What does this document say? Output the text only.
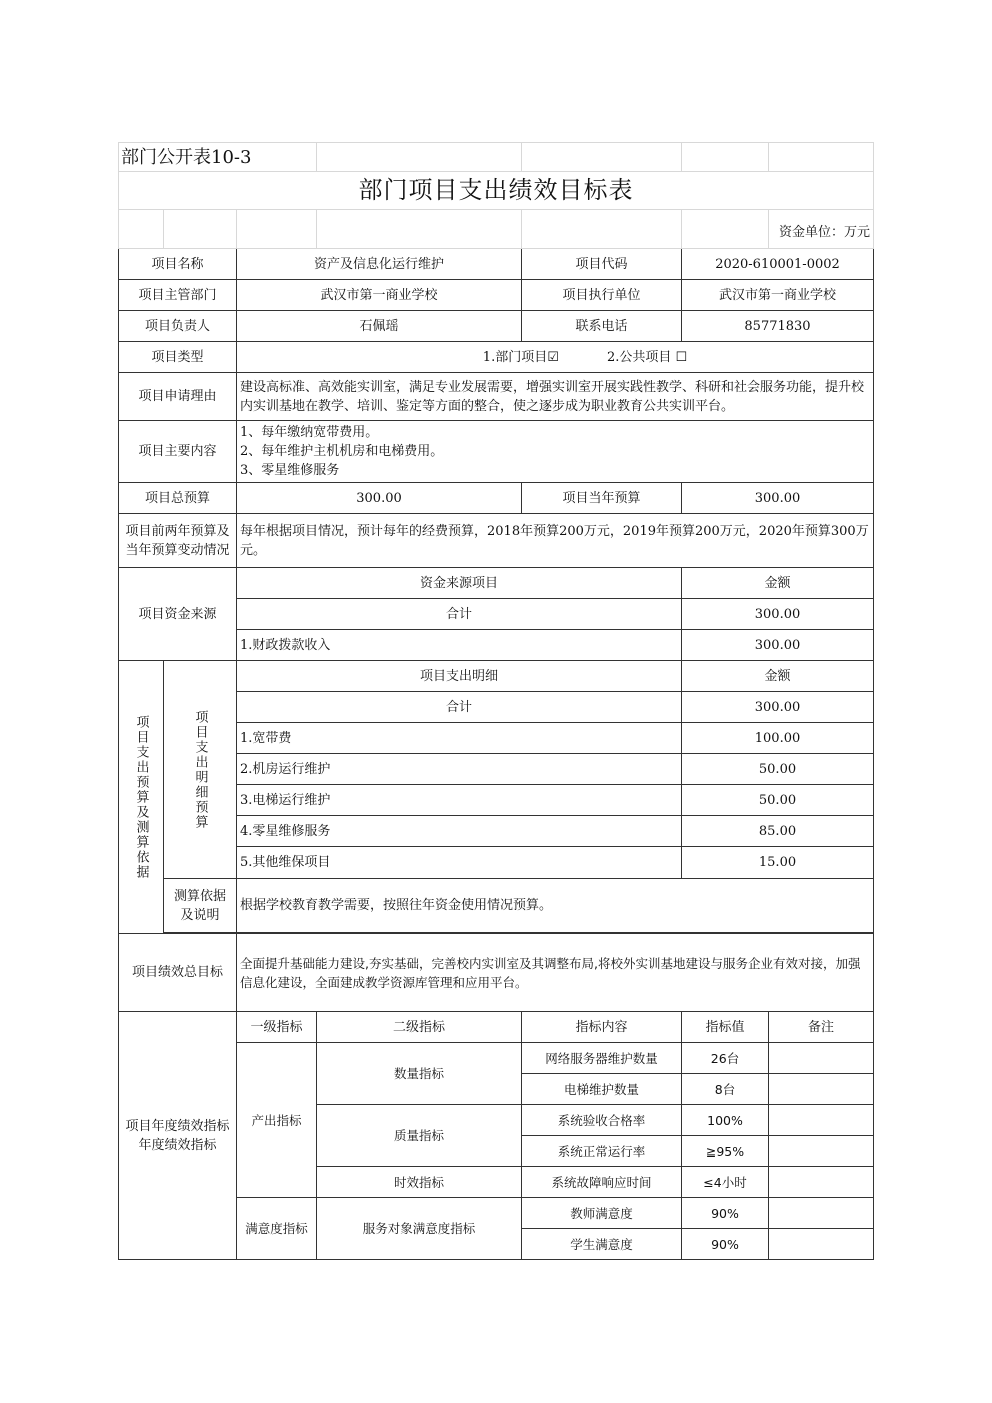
部门公开表10-3						
部门项目支出绩效目标表						
						资金单位：万元
项目名称		资产及信息化运行维护		项目代码	2020-610001-0002	
项目主管部门		武汉市第一商业学校		项目执行单位	武汉市第一商业学校	
项目负责人		石佩瑶		联系电话	85771830	
项目类型		1.部门项目☑ 2.公共项目 ☐				
项目申请理由		建设高标准、高效能实训室，满足专业发展需要，增强实训室开展实践性教学、科研和社会服务功能，提升校内实训基地在教学、培训、鉴定等方面的整合，使之逐步成为职业教育公共实训平台。				
项目主要内容		1、每年缴纳宽带费用。
2、每年维护主机机房和电梯费用。
3、零星维修服务				

项目总预算		300.00		项目当年预算	300.00	
项目前两年预算及当年预算变动情况		每年根据项目情况，预计每年的经费预算，2018年预算200万元，2019年预算200万元，2020年预算300万元。				
项目资金来源		资金来源项目			金额	
		合计			300.00	
		1.财政拨款收入			300.00	

项目支出预算及测算依据	项目支出明细预算	项目支出明细			金额	
		合计			300.00	
		1.宽带费			100.00	
		2.机房运行维护			50.00	
		3.电梯运行维护			50.00	
		4.零星维修服务			85.00	
		5.其他维保项目			15.00	
	测算依据及说明	根据学校教育教学需要，按照往年资金使用情况预算。				

项目绩效总目标		全面提升基础能力建设,夯实基础，完善校内实训室及其调整布局,将校外实训基地建设与服务企业有效对接，加强信息化建设，全面建成教学资源库管理和应用平台。				

项目年度绩效指标
年度绩效指标		一级指标	二级指标	指标内容	指标值	备注
		产出指标	数量指标	网络服务器维护数量	26台	
				电梯维护数量	8台	
			质量指标	系统验收合格率	100%	
				系统正常运行率	≧95%	
			时效指标	系统故障响应时间	≤4小时	
		满意度指标	服务对象满意度指标	教师满意度	90%	
				学生满意度	90%	
